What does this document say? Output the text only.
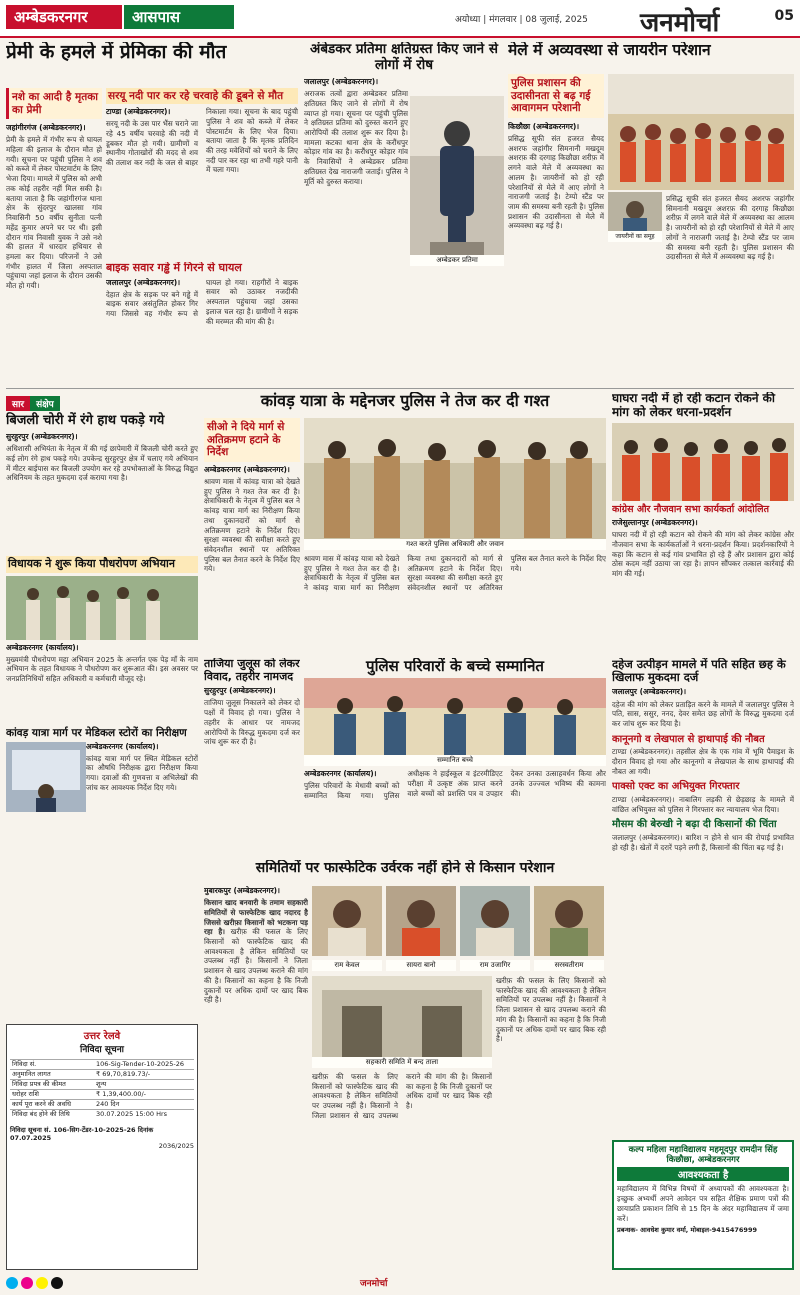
अम्बेडकरनगर	आसपास	अयोध्या | मंगलवार | 08 जुलाई, 2025 जनमोर्चा	05
प्रेमी के हमले में प्रेमिका की मौत
नशे का आदी है मृतका का प्रेमी
जहांगीरगंज (अम्बेडकरनगर)।
प्रेमी के हमले में गंभीर रूप से घायल महिला की इलाज के दौरान मौत हो गयी। सूचना पर पहुंची पुलिस ने शव को कब्जे में लेकर पोस्टमार्टम के लिए भेजा दिया। मामले में पुलिस को अभी तक कोई तहरीर नहीं मिल सकी है। बताया जाता है कि जहांगीरगंज थाना क्षेत्र के सुंदरपुर खालसा गांव निवासिनी 50 वर्षीय सुनीता पत्नी महेंद्र कुमार अपने घर पर थी। इसी दौरान गांव निवासी युवक ने उसे नशे की हालत में धारदार हथियार से हमला कर दिया। परिजनों ने उसे गंभीर हालत में जिला अस्पताल पहुंचाया जहां इलाज के दौरान उसकी मौत हो गयी।
सरयू नदी पार कर रहे चरवाहे की डूबने से मौत
टाण्डा (अम्बेडकरनगर)।
सरयू नदी के उस पार भैंस चराने जा रहे 45 वर्षीय चरवाहे की नदी में डूबकर मौत हो गयी। ग्रामीणों व स्थानीय गोताखोरों की मदद से शव की तलाश कर नदी के जल से बाहर निकाला गया। सूचना के बाद पहुंची पुलिस ने शव को कब्जे में लेकर पोस्टमार्टम के लिए भेज दिया। बताया जाता है कि मृतक प्रतिदिन की तरह मवेशियों को चराने के लिए नदी पार कर रहा था तभी गहरे पानी में चला गया।
बाइक सवार गड्ढे में गिरने से घायल
जलालपुर (अम्बेडकरनगर)।
देहात क्षेत्र के सड़क पर बने गड्ढे में बाइक सवार असंतुलित होकर गिर गया जिससे वह गंभीर रूप से घायल हो गया। राहगीरों ने बाइक सवार को उठाकर नजदीकी अस्पताल पहुंचाया जहां उसका इलाज चल रहा है। ग्रामीणों ने सड़क की मरम्मत की मांग की है।
अंबेडकर प्रतिमा क्षतिग्रस्त किए जाने से लोगों में रोष
जलालपुर (अम्बेडकरनगर)।
अराजक तत्वों द्वारा अम्बेडकर प्रतिमा क्षतिग्रस्त किए जाने से लोगों में रोष व्याप्त हो गया। सूचना पर पहुंची पुलिस ने क्षतिग्रस्त प्रतिमा को दुरुस्त कराने हुए आरोपियों की तलाश शुरू कर दिया है। मामला कटका थाना क्षेत्र के करौंधपुर कोड़ार गांव का है। करौंधपुर कोड़ार गांव के निवासियों ने अम्बेडकर प्रतिमा क्षतिग्रस्त देख नाराजगी जताई। पुलिस ने मूर्ति को दुरुस्त कराया।
अम्बेडकर प्रतिमा
मेले में अव्यवस्था से जायरीन परेशान
पुलिस प्रशासन की उदासीनता से बढ़ गई आवागमन परेशानी
किछौछा (अम्बेडकरनगर)।
प्रसिद्ध सूफी संत हजरत सैयद अशरफ जहांगीर सिमनानी मखदूम अशरफ़ की दरगाह किछौछा शरीफ़ में लगने वाले मेले में अव्यवस्था का आलम है। जायरीनों को हो रही परेशानियों से मेले में आए लोगों ने नाराजगी जताई है। टेम्पो स्टैंड पर जाम की समस्या बनी रहती है। पुलिस प्रशासन की उदासीनता से मेले में अव्यवस्था बढ़ गई है।
जायरीनों का समूह
प्रसिद्ध सूफी संत हजरत सैयद अशरफ जहांगीर सिमनानी मखदूम अशरफ़ की दरगाह किछौछा शरीफ़ में लगने वाले मेले में अव्यवस्था का आलम है। जायरीनों को हो रही परेशानियों से मेले में आए लोगों ने नाराजगी जताई है। टेम्पो स्टैंड पर जाम की समस्या बनी रहती है। पुलिस प्रशासन की उदासीनता से मेले में अव्यवस्था बढ़ गई है।
सार संक्षेप
बिजली चोरी में रंगे हाथ पकड़े गये
सुरहुरपुर (अम्बेडकरनगर)।
अधिशासी अभियंता के नेतृत्व में की गई छापेमारी में बिजली चोरी करते हुए कई लोग रंगे हाथ पकड़े गये। उपकेन्द्र सुरहुरपुर क्षेत्र में चलाए गये अभियान में मीटर बाईपास कर बिजली उपयोग कर रहे उपभोक्ताओं के विरुद्ध विद्युत अधिनियम के तहत मुकदमा दर्ज कराया गया है।
विधायक ने शुरू किया पौधरोपण अभियान
अम्बेडकरनगर (कार्यालय)।
मुख्यमंत्री पौधरोपण महा अभियान 2025 के अन्तर्गत एक पेड़ माँ के नाम अभियान के तहत विधायक ने पौधरोपण कर शुरूआत की। इस अवसर पर जनप्रतिनिधियों सहित अधिकारी व कर्मचारी मौजूद रहे।
कांवड़ यात्रा मार्ग पर मेडिकल स्टोरों का निरीक्षण
अम्बेडकरनगर (कार्यालय)।
कांवड़ यात्रा मार्ग पर स्थित मेडिकल स्टोरों का औषधि निरीक्षक द्वारा निरीक्षण किया गया। दवाओं की गुणवत्ता व अभिलेखों की जांच कर आवश्यक निर्देश दिए गये।
कांवड़ यात्रा के मद्देनजर पुलिस ने तेज कर दी गश्त
सीओ ने दिये मार्ग से अतिक्रमण हटाने के निर्देश
अम्बेडकरनगर (अम्बेडकरनगर)।
श्रावण मास में कांवड़ यात्रा को देखते हुए पुलिस ने गश्त तेज कर दी है। क्षेत्राधिकारी के नेतृत्व में पुलिस बल ने कांवड़ यात्रा मार्ग का निरीक्षण किया तथा दुकानदारों को मार्ग से अतिक्रमण हटाने के निर्देश दिए। सुरक्षा व्यवस्था की समीक्षा करते हुए संवेदनशील स्थानों पर अतिरिक्त पुलिस बल तैनात करने के निर्देश दिए गये।
गश्त करते पुलिस अधिकारी और जवान
श्रावण मास में कांवड़ यात्रा को देखते हुए पुलिस ने गश्त तेज कर दी है। क्षेत्राधिकारी के नेतृत्व में पुलिस बल ने कांवड़ यात्रा मार्ग का निरीक्षण किया तथा दुकानदारों को मार्ग से अतिक्रमण हटाने के निर्देश दिए। सुरक्षा व्यवस्था की समीक्षा करते हुए संवेदनशील स्थानों पर अतिरिक्त पुलिस बल तैनात करने के निर्देश दिए गये।
घाघरा नदी में हो रही कटान रोकने की मांग को लेकर धरना-प्रदर्शन
कांग्रेस और नौजवान सभा कार्यकर्ता आंदोलित
राजेसुल्तानपुर (अम्बेडकरनगर)।
घाघरा नदी में हो रही कटान को रोकने की मांग को लेकर कांग्रेस और नौजवान सभा के कार्यकर्ताओं ने धरना-प्रदर्शन किया। प्रदर्शनकारियों ने कहा कि कटान से कई गांव प्रभावित हो रहे हैं और प्रशासन द्वारा कोई ठोस कदम नहीं उठाया जा रहा है। ज्ञापन सौंपकर तत्काल कार्रवाई की मांग की गई।
ताजिया जुलूस को लेकर विवाद, तहरीर नामजद
सुरहुरपुर (अम्बेडकरनगर)।
ताजिया जुलूस निकालने को लेकर दो पक्षों में विवाद हो गया। पुलिस ने तहरीर के आधार पर नामजद आरोपियों के विरुद्ध मुकदमा दर्ज कर जांच शुरू कर दी है।
पुलिस परिवारों के बच्चे सम्मानित
सम्मानित बच्चे
अम्बेडकरनगर (कार्यालय)।
पुलिस परिवारों के मेधावी बच्चों को सम्मानित किया गया। पुलिस अधीक्षक ने हाईस्कूल व इंटरमीडिएट परीक्षा में उत्कृष्ट अंक प्राप्त करने वाले बच्चों को प्रशस्ति पत्र व उपहार देकर उनका उत्साहवर्धन किया और उनके उज्ज्वल भविष्य की कामना की।
दहेज उत्पीड़न मामले में पति सहित छह के खिलाफ मुकदमा दर्ज
जलालपुर (अम्बेडकरनगर)।
दहेज की मांग को लेकर प्रताड़ित करने के मामले में जलालपुर पुलिस ने पति, सास, ससुर, ननद, देवर समेत छह लोगों के विरुद्ध मुकदमा दर्ज कर जांच शुरू कर दिया है।
कानूनगो व लेखपाल से हाथापाई की नौबत
टाण्डा (अम्बेडकरनगर)। तहसील क्षेत्र के एक गांव में भूमि पैमाइश के दौरान विवाद हो गया और कानूनगो व लेखपाल के साथ हाथापाई की नौबत आ गयी।
पाक्सो एक्ट का अभियुक्त गिरफ्तार
टाण्डा (अम्बेडकरनगर)। नाबालिग लड़की से छेड़छाड़ के मामले में वांछित अभियुक्त को पुलिस ने गिरफ्तार कर न्यायालय भेज दिया।
मौसम की बेरुखी ने बढ़ा दी किसानों की चिंता
जलालपुर (अम्बेडकरनगर)। बारिश न होने से धान की रोपाई प्रभावित हो रही है। खेतों में दरारें पड़ने लगी हैं, किसानों की चिंता बढ़ गई है।
समितियों पर फास्फेटिक उर्वरक नहीं होने से किसान परेशान
मुबारकपुर (अम्बेडकरनगर)।
किसान खाद बनवारी के तमाम सहकारी समितियों से फास्फेटिक खाद नदारद है जिससे खरीफ़ा किसानों को भटकना पड़ रहा है। खरीफ़ की फसल के लिए किसानों को फास्फेटिक खाद की आवश्यकता है लेकिन समितियों पर उपलब्ध नहीं है। किसानों ने जिला प्रशासन से खाद उपलब्ध कराने की मांग की है। किसानों का कहना है कि निजी दुकानों पर अधिक दामों पर खाद बिक रही है।
राम केवल	सायरा बानो	राम उजागिर	सरस्वतीराम
सहकारी समिति में बन्द ताला
खरीफ़ की फसल के लिए किसानों को फास्फेटिक खाद की आवश्यकता है लेकिन समितियों पर उपलब्ध नहीं है। किसानों ने जिला प्रशासन से खाद उपलब्ध कराने की मांग की है। किसानों का कहना है कि निजी दुकानों पर अधिक दामों पर खाद बिक रही है।
खरीफ़ की फसल के लिए किसानों को फास्फेटिक खाद की आवश्यकता है लेकिन समितियों पर उपलब्ध नहीं है। किसानों ने जिला प्रशासन से खाद उपलब्ध कराने की मांग की है। किसानों का कहना है कि निजी दुकानों पर अधिक दामों पर खाद बिक रही है।
उत्तर रेलवे
निविदा सूचना
निविदा सं.	106-Sig-Tender-10-2025-26
अनुमानित लागत	₹ 69,70,819.73/-
निविदा प्रपत्र की कीमत	शून्य
धरोहर राशि	₹ 1,39,400.00/-
कार्य पूरा करने की अवधि	240 दिन
निविदा बंद होने की तिथि	30.07.2025 15:00 Hrs
निविदा सूचना सं. 106-सिग-टेंडर-10-2025-26 दिनांक 07.07.2025
2036/2025	कल्प महिला महाविद्यालय महमूदपुर रामदीन सिंह किछौछा, अम्बेडकरनगर
आवश्यकता है
महाविद्यालय में विभिन्न विषयों में अध्यापकों की आवश्यकता है। इच्छुक अभ्यर्थी अपने आवेदन पत्र सहित शैक्षिक प्रमाण पत्रों की छायाप्रति प्रकाशन तिथि से 15 दिन के अंदर महाविद्यालय में जमा करें।
प्रबन्धक- आवधेश कुमार वर्मा, मोबाइल-9415476999
जनमोर्चा
